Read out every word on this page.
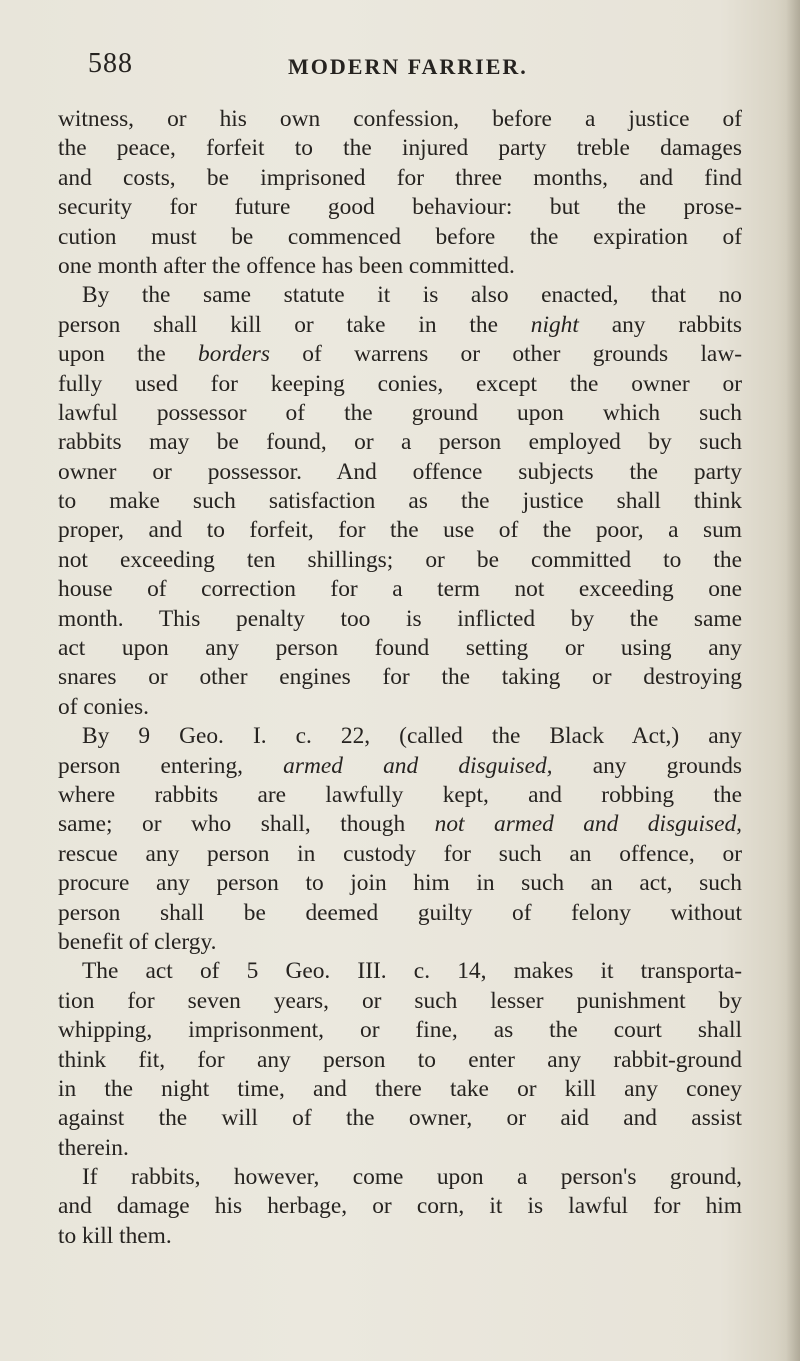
588	MODERN FARRIER.
witness, or his own confession, before a justice of
the peace, forfeit to the injured party treble damages
and costs, be imprisoned for three months, and find
security for future good behaviour: but the prose-
cution must be commenced before the expiration of
one month after the offence has been committed.
By the same statute it is also enacted, that no
person shall kill or take in the night any rabbits
upon the borders of warrens or other grounds law-
fully used for keeping conies, except the owner or
lawful possessor of the ground upon which such
rabbits may be found, or a person employed by such
owner or possessor. And offence subjects the party
to make such satisfaction as the justice shall think
proper, and to forfeit, for the use of the poor, a sum
not exceeding ten shillings; or be committed to the
house of correction for a term not exceeding one
month. This penalty too is inflicted by the same
act upon any person found setting or using any
snares or other engines for the taking or destroying
of conies.
By 9 Geo. I. c. 22, (called the Black Act,) any
person entering, armed and disguised, any grounds
where rabbits are lawfully kept, and robbing the
same; or who shall, though not armed and disguised,
rescue any person in custody for such an offence, or
procure any person to join him in such an act, such
person shall be deemed guilty of felony without
benefit of clergy.
The act of 5 Geo. III. c. 14, makes it transporta-
tion for seven years, or such lesser punishment by
whipping, imprisonment, or fine, as the court shall
think fit, for any person to enter any rabbit-ground
in the night time, and there take or kill any coney
against the will of the owner, or aid and assist
therein.
If rabbits, however, come upon a person's ground,
and damage his herbage, or corn, it is lawful for him
to kill them.
